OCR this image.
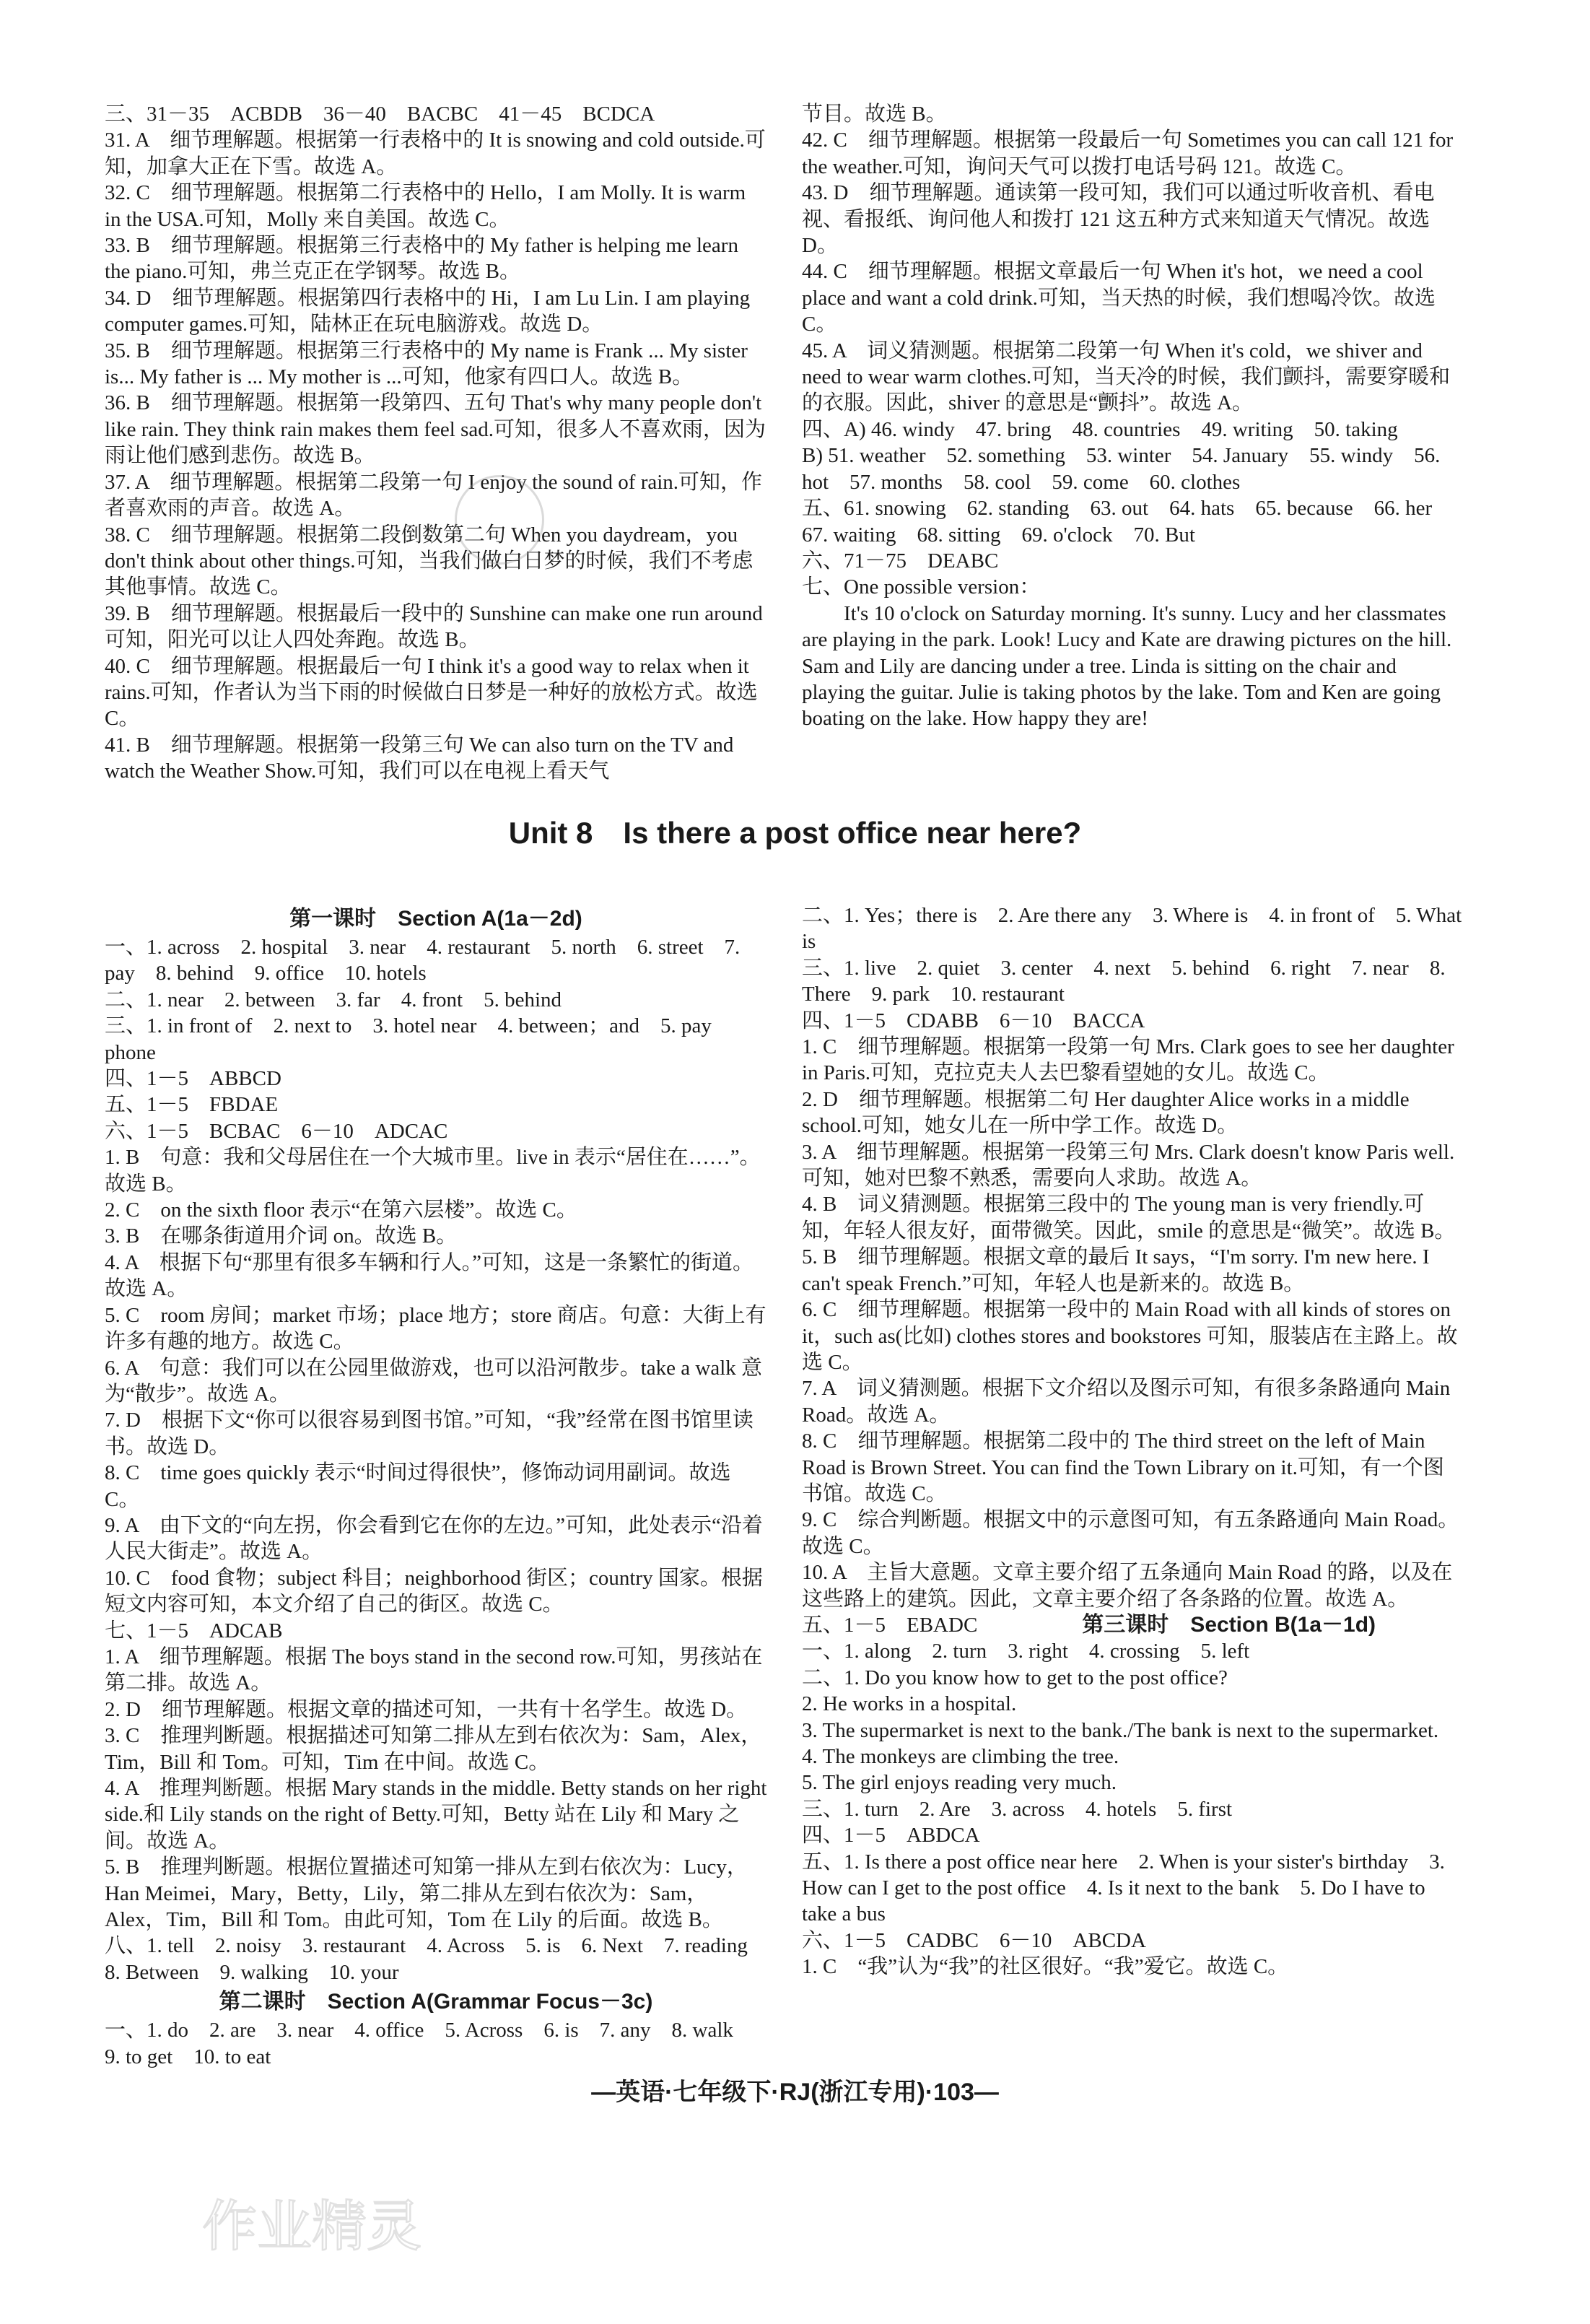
三、31－35　ACBDB　36－40　BACBC　41－45　BCDCA
31. A　细节理解题。根据第一行表格中的 It is snowing and cold outside.可知，加拿大正在下雪。故选 A。
32. C　细节理解题。根据第二行表格中的 Hello，I am Molly. It is warm in the USA.可知，Molly 来自美国。故选 C。
33. B　细节理解题。根据第三行表格中的 My father is helping me learn the piano.可知，弗兰克正在学钢琴。故选 B。
34. D　细节理解题。根据第四行表格中的 Hi，I am Lu Lin. I am playing computer games.可知，陆林正在玩电脑游戏。故选 D。
35. B　细节理解题。根据第三行表格中的 My name is Frank ... My sister is... My father is ... My mother is ...可知，他家有四口人。故选 B。
36. B　细节理解题。根据第一段第四、五句 That's why many people don't like rain. They think rain makes them feel sad.可知，很多人不喜欢雨，因为雨让他们感到悲伤。故选 B。
37. A　细节理解题。根据第二段第一句 I enjoy the sound of rain.可知，作者喜欢雨的声音。故选 A。
38. C　细节理解题。根据第二段倒数第二句 When you daydream，you don't think about other things.可知，当我们做白日梦的时候，我们不考虑其他事情。故选 C。
39. B　细节理解题。根据最后一段中的 Sunshine can make one run around 可知，阳光可以让人四处奔跑。故选 B。
40. C　细节理解题。根据最后一句 I think it's a good way to relax when it rains.可知，作者认为当下雨的时候做白日梦是一种好的放松方式。故选 C。
41. B　细节理解题。根据第一段第三句 We can also turn on the TV and watch the Weather Show.可知，我们可以在电视上看天气
节目。故选 B。
42. C　细节理解题。根据第一段最后一句 Sometimes you can call 121 for the weather.可知，询问天气可以拨打电话号码 121。故选 C。
43. D　细节理解题。通读第一段可知，我们可以通过听收音机、看电视、看报纸、询问他人和拨打 121 这五种方式来知道天气情况。故选 D。
44. C　细节理解题。根据文章最后一句 When it's hot，we need a cool place and want a cold drink.可知，当天热的时候，我们想喝冷饮。故选 C。
45. A　词义猜测题。根据第二段第一句 When it's cold，we shiver and need to wear warm clothes.可知，当天冷的时候，我们颤抖，需要穿暖和的衣服。因此，shiver 的意思是“颤抖”。故选 A。
四、A) 46. windy　47. bring　48. countries　49. writing　50. taking
B) 51. weather　52. something　53. winter　54. January　55. windy　56. hot　57. months　58. cool　59. come　60. clothes
五、61. snowing　62. standing　63. out　64. hats　65. because　66. her　67. waiting　68. sitting　69. o'clock　70. But
六、71－75　DEABC
七、One possible version：
　　It's 10 o'clock on Saturday morning. It's sunny. Lucy and her classmates are playing in the park. Look! Lucy and Kate are drawing pictures on the hill. Sam and Lily are dancing under a tree. Linda is sitting on the chair and playing the guitar. Julie is taking photos by the lake. Tom and Ken are going boating on the lake. How happy they are!
Unit 8　Is there a post office near here?
第一课时　Section A(1a－2d)
一、1. across　2. hospital　3. near　4. restaurant　5. north　6. street　7. pay　8. behind　9. office　10. hotels
二、1. near　2. between　3. far　4. front　5. behind
三、1. in front of　2. next to　3. hotel near　4. between；and　5. pay phone
四、1－5　ABBCD
五、1－5　FBDAE
六、1－5　BCBAC　6－10　ADCAC
1. B　句意：我和父母居住在一个大城市里。live in 表示“居住在……”。故选 B。
2. C　on the sixth floor 表示“在第六层楼”。故选 C。
3. B　在哪条街道用介词 on。故选 B。
4. A　根据下句“那里有很多车辆和行人。”可知，这是一条繁忙的街道。故选 A。
5. C　room 房间；market 市场；place 地方；store 商店。句意：大街上有许多有趣的地方。故选 C。
6. A　句意：我们可以在公园里做游戏，也可以沿河散步。take a walk 意为“散步”。故选 A。
7. D　根据下文“你可以很容易到图书馆。”可知，“我”经常在图书馆里读书。故选 D。
8. C　time goes quickly 表示“时间过得很快”，修饰动词用副词。故选 C。
9. A　由下文的“向左拐，你会看到它在你的左边。”可知，此处表示“沿着人民大街走”。故选 A。
10. C　food 食物；subject 科目；neighborhood 街区；country 国家。根据短文内容可知，本文介绍了自己的街区。故选 C。
七、1－5　ADCAB
1. A　细节理解题。根据 The boys stand in the second row.可知，男孩站在第二排。故选 A。
2. D　细节理解题。根据文章的描述可知，一共有十名学生。故选 D。
3. C　推理判断题。根据描述可知第二排从左到右依次为：Sam，Alex，Tim，Bill 和 Tom。可知，Tim 在中间。故选 C。
4. A　推理判断题。根据 Mary stands in the middle. Betty stands on her right side.和 Lily stands on the right of Betty.可知，Betty 站在 Lily 和 Mary 之间。故选 A。
5. B　推理判断题。根据位置描述可知第一排从左到右依次为：Lucy，Han Meimei，Mary，Betty，Lily，第二排从左到右依次为：Sam，Alex，Tim，Bill 和 Tom。由此可知，Tom 在 Lily 的后面。故选 B。
八、1. tell　2. noisy　3. restaurant　4. Across　5. is　6. Next　7. reading　8. Between　9. walking　10. your
第二课时　Section A(Grammar Focus－3c)
一、1. do　2. are　3. near　4. office　5. Across　6. is　7. any　8. walk　9. to get　10. to eat
二、1. Yes；there is　2. Are there any　3. Where is　4. in front of　5. What is
三、1. live　2. quiet　3. center　4. next　5. behind　6. right　7. near　8. There　9. park　10. restaurant
四、1－5　CDABB　6－10　BACCA
1. C　细节理解题。根据第一段第一句 Mrs. Clark goes to see her daughter in Paris.可知，克拉克夫人去巴黎看望她的女儿。故选 C。
2. D　细节理解题。根据第二句 Her daughter Alice works in a middle school.可知，她女儿在一所中学工作。故选 D。
3. A　细节理解题。根据第一段第三句 Mrs. Clark doesn't know Paris well.可知，她对巴黎不熟悉，需要向人求助。故选 A。
4. B　词义猜测题。根据第三段中的 The young man is very friendly.可知，年轻人很友好，面带微笑。因此，smile 的意思是“微笑”。故选 B。
5. B　细节理解题。根据文章的最后 It says，“I'm sorry. I'm new here. I can't speak French.”可知，年轻人也是新来的。故选 B。
6. C　细节理解题。根据第一段中的 Main Road with all kinds of stores on it，such as(比如) clothes stores and bookstores 可知，服装店在主路上。故选 C。
7. A　词义猜测题。根据下文介绍以及图示可知，有很多条路通向 Main Road。故选 A。
8. C　细节理解题。根据第二段中的 The third street on the left of Main Road is Brown Street. You can find the Town Library on it.可知，有一个图书馆。故选 C。
9. C　综合判断题。根据文中的示意图可知，有五条路通向 Main Road。故选 C。
10. A　主旨大意题。文章主要介绍了五条通向 Main Road 的路，以及在这些路上的建筑。因此，文章主要介绍了各条路的位置。故选 A。
五、1－5　EBADC　　　　　	第三课时　Section B(1a－1d)
一、1. along　2. turn　3. right　4. crossing　5. left
二、1. Do you know how to get to the post office?
2. He works in a hospital.
3. The supermarket is next to the bank./The bank is next to the supermarket.
4. The monkeys are climbing the tree.
5. The girl enjoys reading very much.
三、1. turn　2. Are　3. across　4. hotels　5. first
四、1－5　ABDCA
五、1. Is there a post office near here　2. When is your sister's birthday　3. How can I get to the post office　4. Is it next to the bank　5. Do I have to take a bus
六、1－5　CADBC　6－10　ABCDA
1. C　“我”认为“我”的社区很好。“我”爱它。故选 C。
—英语·七年级下·RJ(浙江专用)·103—
作业精灵
